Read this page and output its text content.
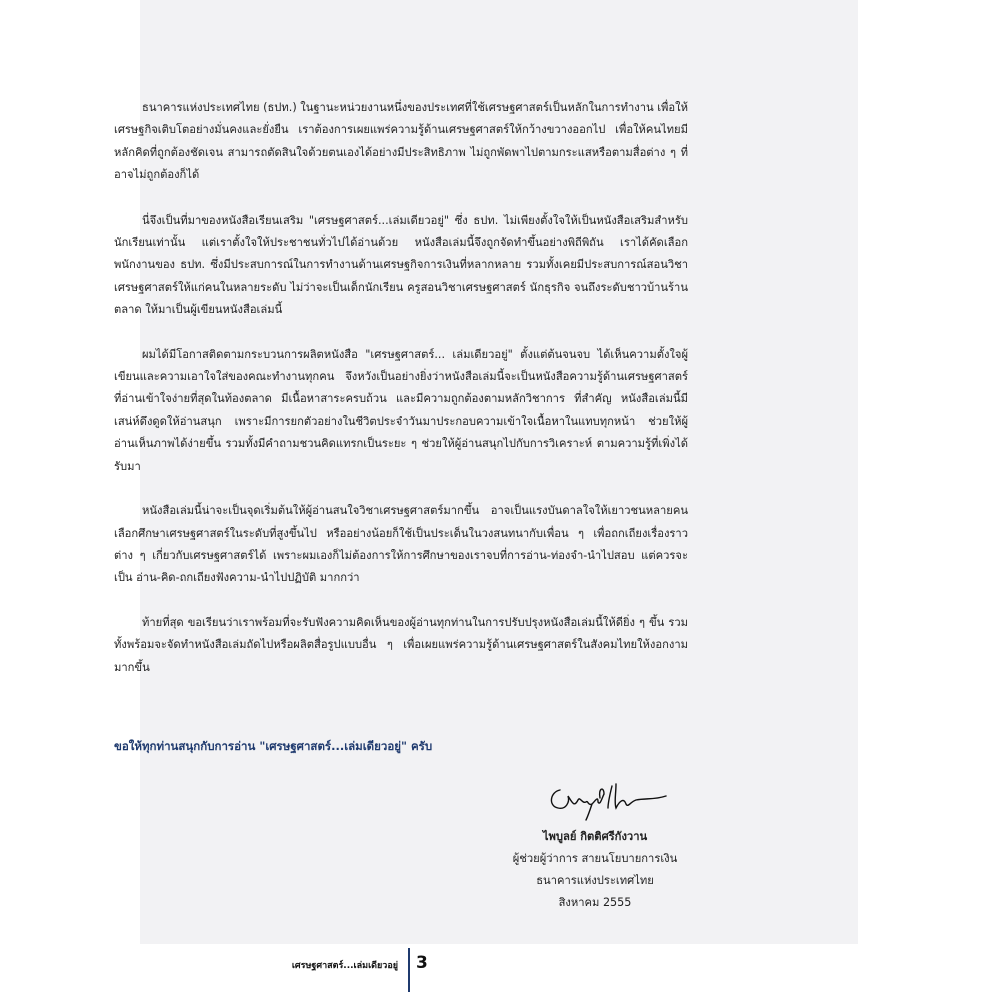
ธนาคารแห่งประเทศไทย (ธปท.) ในฐานะหน่วยงานหนึ่งของประเทศที่ใช้เศรษฐศาสตร์เป็นหลักในการทำงาน เพื่อให้เศรษฐกิจเติบโตอย่างมั่นคงและยั่งยืน เราต้องการเผยแพร่ความรู้ด้านเศรษฐศาสตร์ให้กว้างขวางออกไป เพื่อให้คนไทยมีหลักคิดที่ถูกต้องชัดเจน สามารถตัดสินใจด้วยตนเองได้อย่างมีประสิทธิภาพ ไม่ถูกพัดพาไปตามกระแสหรือตามสื่อต่าง ๆ ที่อาจไม่ถูกต้องก็ได้

นี่จึงเป็นที่มาของหนังสือเรียนเสริม "เศรษฐศาสตร์...เล่มเดียวอยู่" ซึ่ง ธปท. ไม่เพียงตั้งใจให้เป็นหนังสือเสริมสำหรับนักเรียนเท่านั้น แต่เราตั้งใจให้ประชาชนทั่วไปได้อ่านด้วย หนังสือเล่มนี้จึงถูกจัดทำขึ้นอย่างพิถีพิถัน เราได้คัดเลือกพนักงานของ ธปท. ซึ่งมีประสบการณ์ในการทำงานด้านเศรษฐกิจการเงินที่หลากหลาย รวมทั้งเคยมีประสบการณ์สอนวิชาเศรษฐศาสตร์ให้แก่คนในหลายระดับ ไม่ว่าจะเป็นเด็กนักเรียน ครูสอนวิชาเศรษฐศาสตร์ นักธุรกิจ จนถึงระดับชาวบ้านร้านตลาด ให้มาเป็นผู้เขียนหนังสือเล่มนี้

ผมได้มีโอกาสติดตามกระบวนการผลิตหนังสือ "เศรษฐศาสตร์... เล่มเดียวอยู่" ตั้งแต่ต้นจนจบ ได้เห็นความตั้งใจผู้เขียนและความเอาใจใส่ของคณะทำงานทุกคน จึงหวังเป็นอย่างยิ่งว่าหนังสือเล่มนี้จะเป็นหนังสือความรู้ด้านเศรษฐศาสตร์ที่อ่านเข้าใจง่ายที่สุดในท้องตลาด มีเนื้อหาสาระครบถ้วน และมีความถูกต้องตามหลักวิชาการ ที่สำคัญ หนังสือเล่มนี้มีเสน่ห์ดึงดูดให้อ่านสนุก เพราะมีการยกตัวอย่างในชีวิตประจำวันมาประกอบความเข้าใจเนื้อหาในแทบทุกหน้า ช่วยให้ผู้อ่านเห็นภาพได้ง่ายขึ้น รวมทั้งมีคำถามชวนคิดแทรกเป็นระยะ ๆ ช่วยให้ผู้อ่านสนุกไปกับการวิเคราะห์ ตามความรู้ที่เพิ่งได้รับมา

หนังสือเล่มนี้น่าจะเป็นจุดเริ่มต้นให้ผู้อ่านสนใจวิชาเศรษฐศาสตร์มากขึ้น อาจเป็นแรงบันดาลใจให้เยาวชนหลายคนเลือกศึกษาเศรษฐศาสตร์ในระดับที่สูงขึ้นไป หรืออย่างน้อยก็ใช้เป็นประเด็นในวงสนทนากับเพื่อน ๆ เพื่อถกเถียงเรื่องราวต่าง ๆ เกี่ยวกับเศรษฐศาสตร์ได้ เพราะผมเองก็ไม่ต้องการให้การศึกษาของเราจบที่การอ่าน-ท่องจำ-นำไปสอบ แต่ควรจะเป็น อ่าน-คิด-ถกเถียงฟังความ-นำไปปฏิบัติ มากกว่า

ท้ายที่สุด ขอเรียนว่าเราพร้อมที่จะรับฟังความคิดเห็นของผู้อ่านทุกท่านในการปรับปรุงหนังสือเล่มนี้ให้ดียิ่ง ๆ ขึ้น รวมทั้งพร้อมจะจัดทำหนังสือเล่มถัดไปหรือผลิตสื่อรูปแบบอื่น ๆ เพื่อเผยแพร่ความรู้ด้านเศรษฐศาสตร์ในสังคมไทยให้งอกงามมากขึ้น

ขอให้ทุกท่านสนุกกับการอ่าน "เศรษฐศาสตร์...เล่มเดียวอยู่" ครับ
ไพบูลย์ กิตติศรีกังวาน
ผู้ช่วยผู้ว่าการ สายนโยบายการเงิน
ธนาคารแห่งประเทศไทย
สิงหาคม 2555
เศรษฐศาสตร์...เล่มเดียวอยู่ 3
